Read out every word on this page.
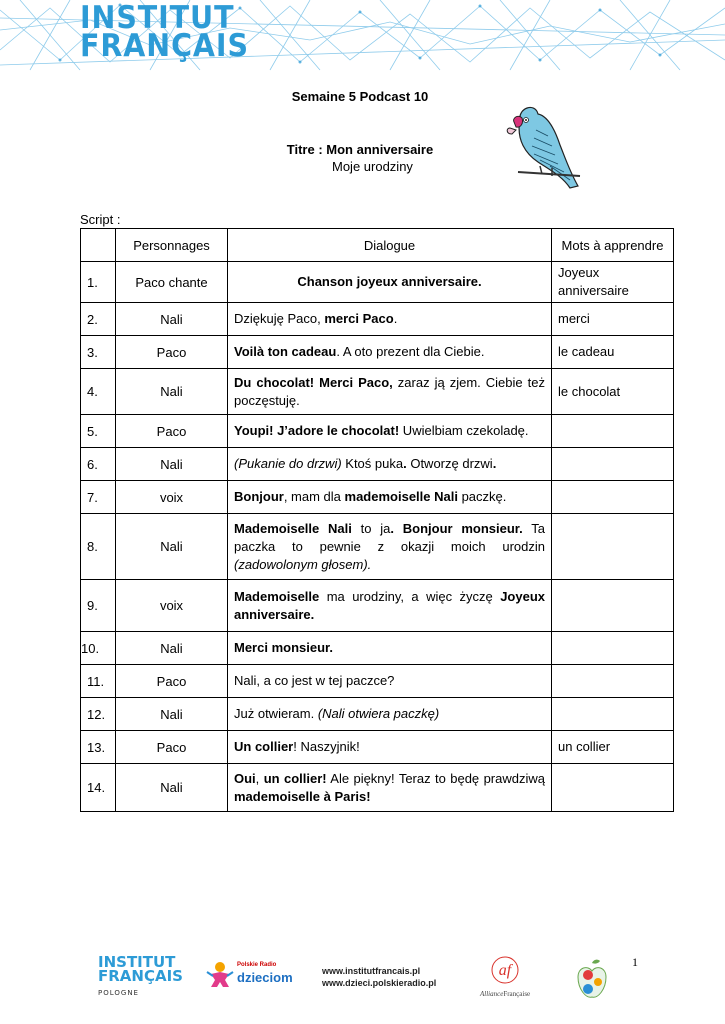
INSTITUT
FRANÇAIS
Semaine 5 Podcast 10
Titre : Mon anniversaire
Moje urodziny
Script :
	Personnages	Dialogue	Mots à apprendre
1.	Paco chante	Chanson joyeux anniversaire.	Joyeux anniversaire
2.	Nali	Dziękuję Paco, merci Paco.	merci
3.	Paco	Voilà ton cadeau. A oto prezent dla Ciebie.	le cadeau
4.	Nali	Du chocolat! Merci Paco, zaraz ją zjem. Ciebie też poczęstuję.	le chocolat
5.	Paco	Youpi! J’adore le chocolat! Uwielbiam czekoladę.	
6.	Nali	(Pukanie do drzwi) Ktoś puka. Otworzę drzwi.	
7.	voix	Bonjour, mam dla mademoiselle Nali paczkę.	
8.	Nali	Mademoiselle Nali to ja. Bonjour monsieur. Ta paczka to pewnie z okazji moich urodzin (zadowolonym głosem).	
9.	voix	Mademoiselle ma urodziny, a więc życzę Joyeux anniversaire.	
10.	Nali	Merci monsieur.	
11.	Paco	Nali, a co jest w tej paczce?	
12.	Nali	Już otwieram. (Nali otwiera paczkę)	
13.	Paco	Un collier! Naszyjnik!	un collier
14.	Nali	Oui, un collier! Ale piękny! Teraz to będę prawdziwą mademoiselle à Paris!	
1
INSTITUT
FRANÇAIS
POLOGNE
Polskie Radio
dzieciom	www.institutfrancais.pl
www.dzieci.polskieradio.pl
af
AllianceFrançaise
